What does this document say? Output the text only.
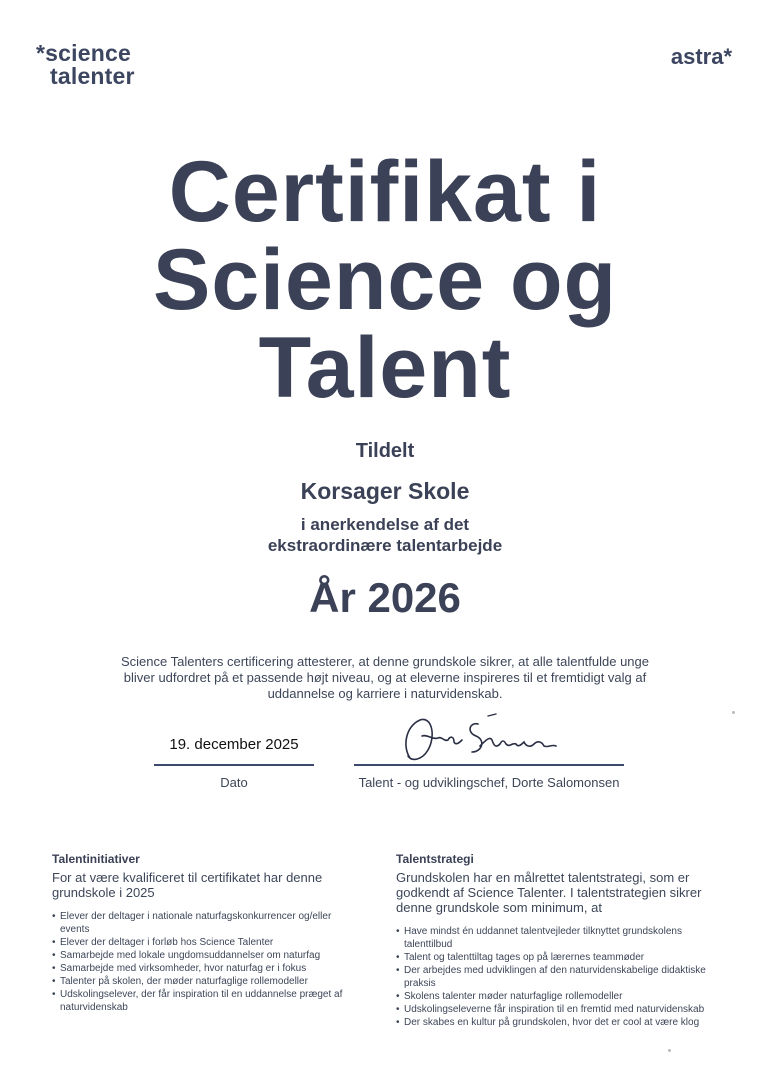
*science
talenter
astra*
Certifikat i
Science og
Talent
Tildelt
Korsager Skole
i anerkendelse af det
ekstraordinære talentarbejde
År 2026
Science Talenters certificering attesterer, at denne grundskole sikrer, at alle talentfulde unge bliver udfordret på et passende højt niveau, og at eleverne inspireres til et fremtidigt valg af uddannelse og karriere i naturvidenskab.
19. december 2025
Dato	Talent - og udviklingschef, Dorte Salomonsen
Talentinitiativer

For at være kvalificeret til certifikatet har denne grundskole i 2025

• Elever der deltager i nationale naturfagskonkurrencer og/eller events
• Elever der deltager i forløb hos Science Talenter
• Samarbejde med lokale ungdomsuddannelser om naturfag
• Samarbejde med virksomheder, hvor naturfag er i fokus
• Talenter på skolen, der møder naturfaglige rollemodeller
• Udskolingselever, der får inspiration til en uddannelse præget af naturvidenskab
Talentstrategi

Grundskolen har en målrettet talentstrategi, som er godkendt af Science Talenter. I talentstrategien sikrer denne grundskole som minimum, at

• Have mindst én uddannet talentvejleder tilknyttet grundskolens talenttilbud
• Talent og talenttiltag tages op på lærernes teammøder
• Der arbejdes med udviklingen af den naturvidenskabelige didaktiske praksis
• Skolens talenter møder naturfaglige rollemodeller
• Udskolingseleverne får inspiration til en fremtid med naturvidenskab
• Der skabes en kultur på grundskolen, hvor det er cool at være klog
